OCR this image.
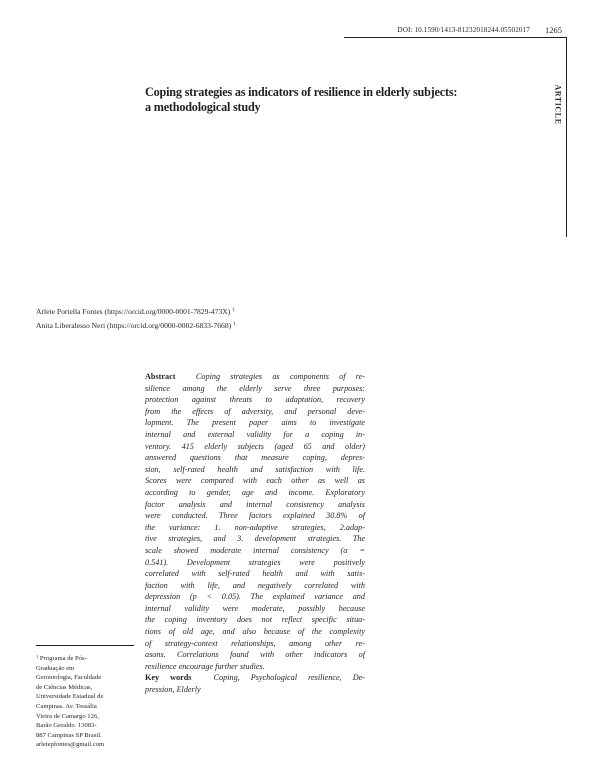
DOI: 10.1590/1413-81232018244.05502017 1265
ARTICLE
Coping strategies as indicators of resilience in elderly subjects:
a methodological study
Arlete Portella Fontes (https://orcid.org/0000-0001-7829-473X) $^1$
Anita Liberalesso Neri (https://orcid.org/0000-0002-6833-7668) $^1$
Abstract Coping strategies as components of re-
silience among the elderly serve three purposes:
protection against threats to adaptation, recovery
from the effects of adversity, and personal deve-
lopment. The present paper aims to investigate
internal and external validity for a coping in-
ventory. 415 elderly subjects (aged 65 and older)
answered questions that measure coping, depres-
sion, self-rated health and satisfaction with life.
Scores were compared with each other as well as
according to gender, age and income. Exploratory
factor analysis and internal consistency analysis
were conducted. Three factors explained 30.8% of
the variance: 1. non-adaptive strategies, 2.adap-
tive strategies, and 3. development strategies. The
scale showed moderate internal consistency (α =
0.541). Development strategies were positively
correlated with self-rated health and with satis-
faction with life, and negatively correlated with
depression (p < 0.05). The explained variance and
internal validity were moderate, possibly because
the coping inventory does not reflect specific situa-
tions of old age, and also because of the complexity
of strategy-context relationships, among other re-
asons. Correlations found with other indicators of
resilience encourage further studies.
Key words	Coping, Psychological resilience, De-
pression, Elderly
$^1$ Programa de Pós-
Graduação em
Gerontologia, Faculdade
de Ciências Médicas,
Universidade Estadual de
Campinas. Av. Tessália
Vieira de Camargo 126,
Barão Geraldo. 13083-
887 Campinas SP Brasil.
arletepfontes@gmail.com
